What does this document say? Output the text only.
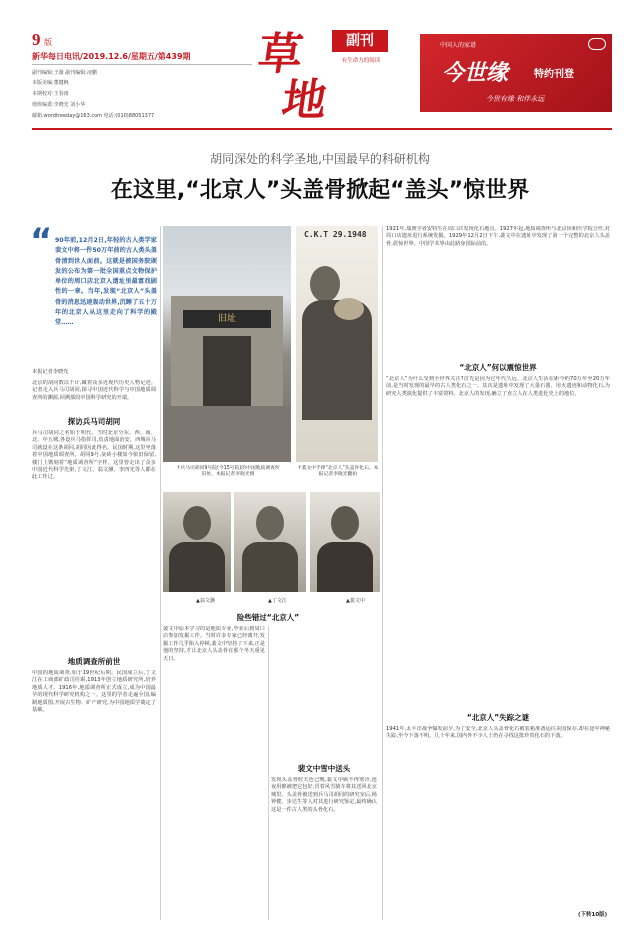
9 版
新华每日电讯/2019.12.6/星期五/第439期
副刊编辑:王薇 副刊编辑:凌鹏
本版美编:董键枫
本期校对:王春雨
值班编委:李晓光 刘小华
邮箱:wordtreeday@163.com 电话:(010)88051377
草
地
副刊
有生命力的阅读
中国人的家谱
今世缘	特约刊登
今世有缘 和伴永远
胡同深处的科学圣地,中国最早的科研机构
在这里,“北京人”头盖骨掀起“盖头”惊世界
“ 90年前,12月2日,年轻的古人类学家裴文中将一件50万年前的古人类头盖骨清到世人面前。这就是被国务院颁发的公布为第一批全国重点文物保护单位的周口店北京人遗址里最富戏剧性的一章。当年,发现“北京人”头盖骨的消息迅速轰动世界,沉睡了五十万年的北京人从这里走向了科学的殿堂……
本报记者李晓光
北京的胡同数以千计,藏着众多近现代历史人物足迹。记者走入兵马司胡同,探寻中国近代科学与中国地质调查所的渊源,回溯那段中国科学研究的开端。
探访兵马司胡同
兵马司胡同之名始于明代。当时北京分东、西、南、北、中五城,各设兵马指挥司,负责地面治安。西城兵马司就设在这条胡同,胡同因此得名。民国时期,这里坐落着中国地质调查所。胡同9号,灰砖小楼如今依旧保留,楼门上镌刻着“地质调查所”字样。这里曾走出了众多中国近代科学先驱,丁文江、翁文灏、李四光等人都在此工作过。
地质调查所前世
中国的地质调查,始于19世纪后期。民国成立后,丁文江在工商部矿政司任职,1913年创立地质研究所,培养地质人才。1916年,地质调查所正式成立,成为中国最早的现代科学研究机构之一。这里的学者走遍全国,编制地质图,开展古生物、矿产研究,为中国地质学奠定了基础。
旧址
C.K.T 29.1948
↑兵马司胡同9号院(今15号院)的中国地质调查所旧址。本报记者李晓光摄
↑裴文中手捧“北京人”头盖骨化石。本报记者李晓光翻拍
▲翁文灏	▲丁文江	▲裴文中
险些错过“北京人”
裴文中原本学习的是地质专业,毕业后到周口店参加发掘工作。当时许多专家已经离开,发掘工作几乎陷入停顿,裴文中坚持了下来,正是他的坚持,才让北京人头盖骨在那个冬天重见天日。
裴文中雪中送头
发现头盖骨时天色已晚,裴文中顾不得寒冷,连夜用棉被把它包好,冒着风雪骑车将其送回北京城里。头盖骨被送到兵马司胡同的研究室后,杨钟健、步达生等人对其进行研究鉴定,最终确认这是一件古人类的头骨化石。
1921年,瑞典学者安特生在周口店发现化石地点。1927年起,地质调查所与北京协和医学院合作,对周口店遗址进行系统发掘。1929年12月2日下午,裴文中在遗址中发现了第一个完整的北京人头盖骨,震惊世界。中国学术界由此跻身国际前沿。
“北京人”何以震惊世界
“北京人”为什么受到全世界关注?首先是因为它年代久远。北京人生活在距今约70万年至20万年前,是当时发现的最早的古人类化石之一。其次是遗址中发现了大量石器、用火遗迹和动物化石,为研究人类演化提供了丰富资料。北京人的发现,确立了直立人在人类进化史上的地位。
“北京人”失踪之谜
1941年,太平洋战争爆发前夕,为了安全,北京人头盖骨化石被装箱准备运往美国保存,却在途中神秘失踪,至今下落不明。几十年来,国内外不少人士仍在寻找这批珍贵化石的下落。
(下转10版)
